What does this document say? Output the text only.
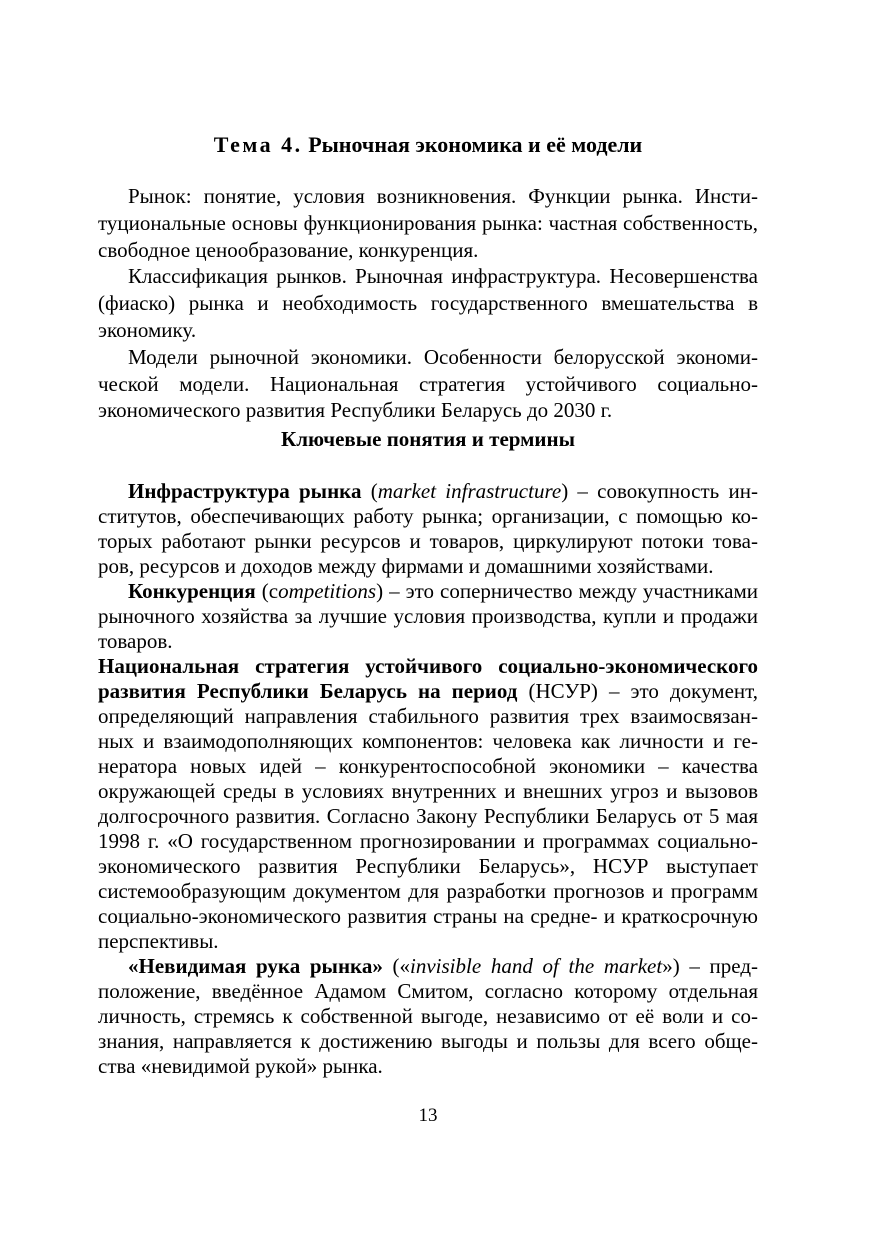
Тема 4. Рыночная экономика и её модели

Рынок: понятие, условия возникновения. Функции рынка. Институциональные основы функционирования рынка: частная собственность, свободное ценообразование, конкуренция.

Классификация рынков. Рыночная инфраструктура. Несовершенства (фиаско) рынка и необходимость государственного вмешательства в экономику.

Модели рыночной экономики. Особенности белорусской экономической модели. Национальная стратегия устойчивого социально-экономического развития Республики Беларусь до 2030 г.

Ключевые понятия и термины

Инфраструктура рынка (market infrastructure) – совокупность институтов, обеспечивающих работу рынка; организации, с помощью которых работают рынки ресурсов и товаров, циркулируют потоки товаров, ресурсов и доходов между фирмами и домашними хозяйствами.

Конкуренция (competitions) – это соперничество между участниками рыночного хозяйства за лучшие условия производства, купли и продажи товаров.

Национальная стратегия устойчивого социально-экономического развития Республики Беларусь на период (НСУР) – это документ, определяющий направления стабильного развития трех взаимосвязанных и взаимодополняющих компонентов: человека как личности и генератора новых идей – конкурентоспособной экономики – качества окружающей среды в условиях внутренних и внешних угроз и вызовов долгосрочного развития. Согласно Закону Республики Беларусь от 5 мая 1998 г. «О государственном прогнозировании и программах социально-экономического развития Республики Беларусь», НСУР выступает системообразующим документом для разработки прогнозов и программ социально-экономического развития страны на средне- и краткосрочную перспективы.

«Невидимая рука рынка» («invisible hand of the market») – предположение, введённое Адамом Смитом, согласно которому отдельная личность, стремясь к собственной выгоде, независимо от её воли и сознания, направляется к достижению выгоды и пользы для всего общества «невидимой рукой» рынка.

13
